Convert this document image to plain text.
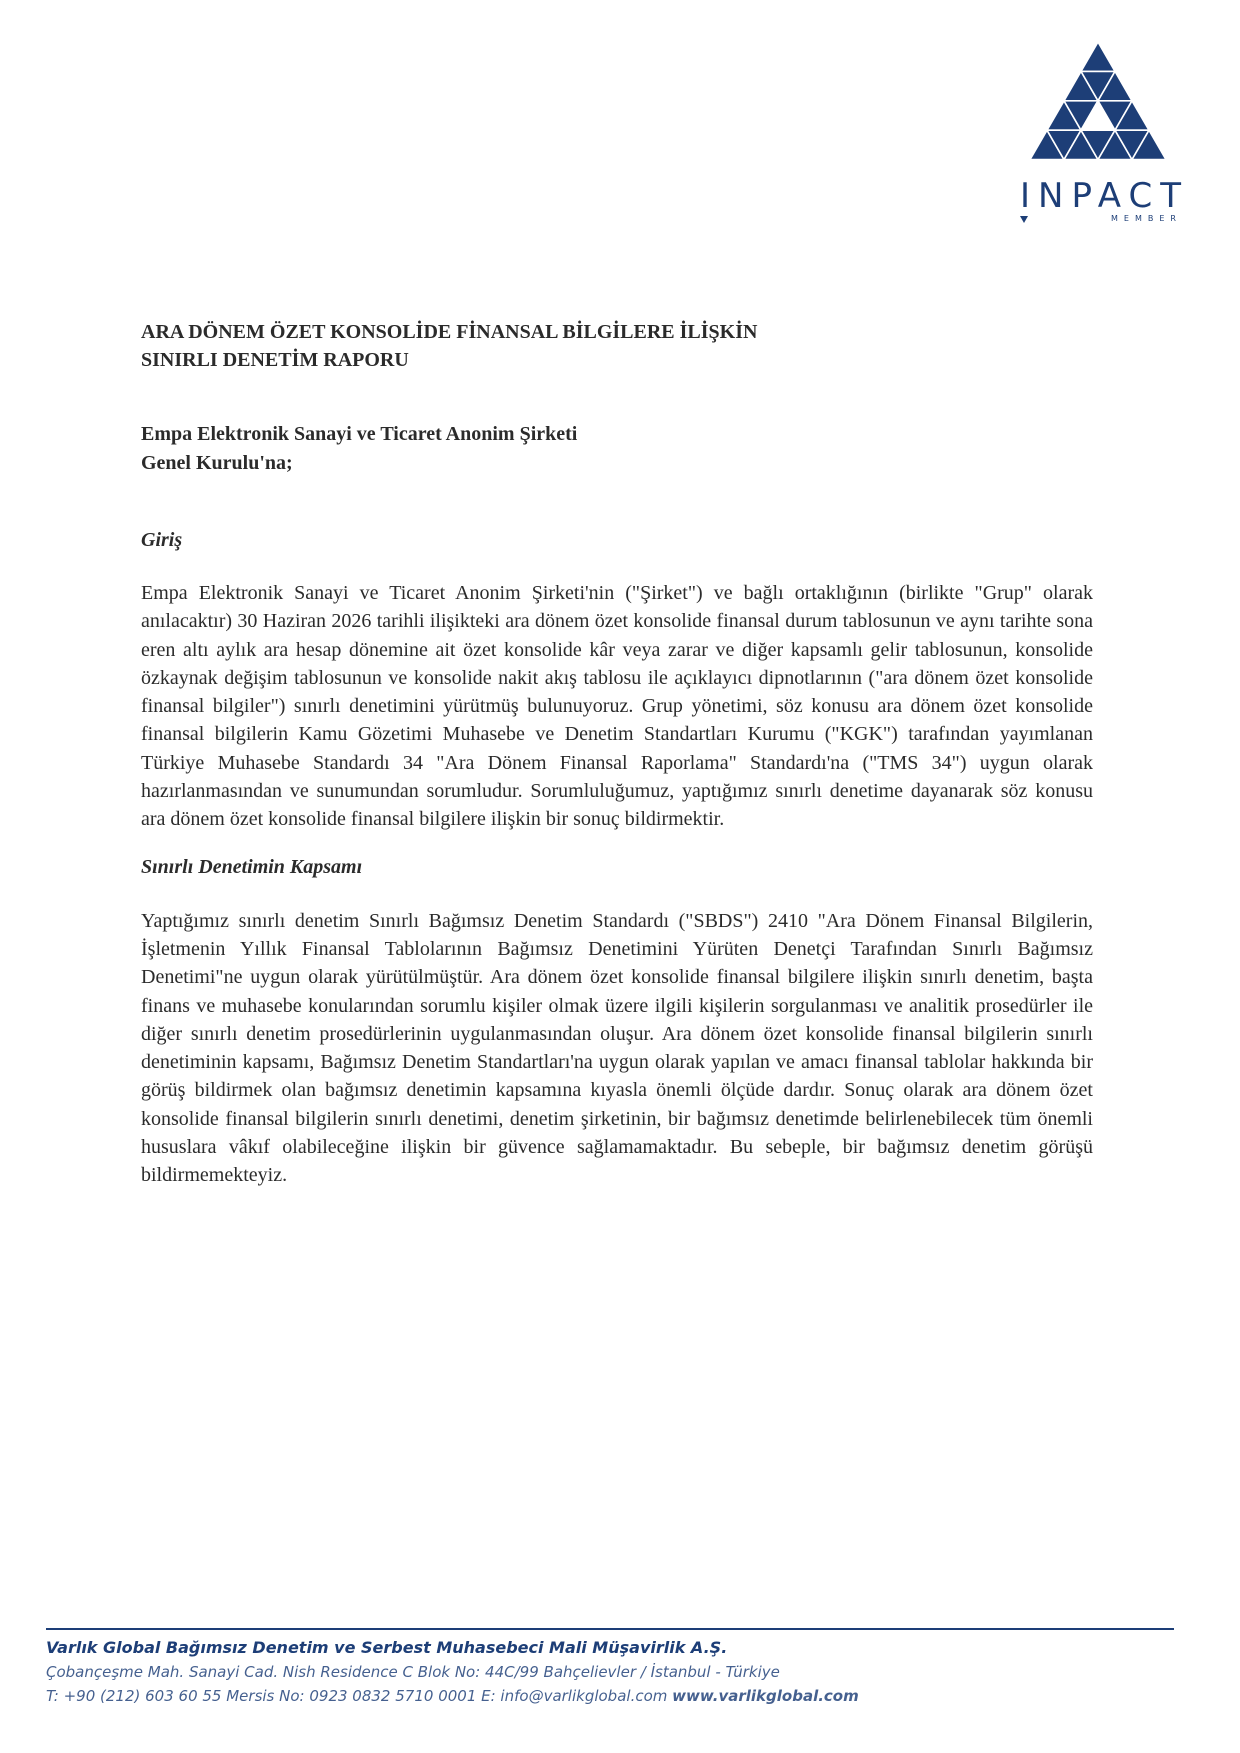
INPACT
MEMBER
ARA DÖNEM ÖZET KONSOLİDE FİNANSAL BİLGİLERE İLİŞKİN
SINIRLI DENETİM RAPORU
Empa Elektronik Sanayi ve Ticaret Anonim Şirketi
Genel Kurulu'na;
Giriş

Empa Elektronik Sanayi ve Ticaret Anonim Şirketi'nin ("Şirket") ve bağlı ortaklığının (birlikte "Grup" olarak anılacaktır) 30 Haziran 2026 tarihli ilişikteki ara dönem özet konsolide finansal durum tablosunun ve aynı tarihte sona eren altı aylık ara hesap dönemine ait özet konsolide kâr veya zarar ve diğer kapsamlı gelir tablosunun, konsolide özkaynak değişim tablosunun ve konsolide nakit akış tablosu ile açıklayıcı dipnotlarının ("ara dönem özet konsolide finansal bilgiler") sınırlı denetimini yürütmüş bulunuyoruz. Grup yönetimi, söz konusu ara dönem özet konsolide finansal bilgilerin Kamu Gözetimi Muhasebe ve Denetim Standartları Kurumu ("KGK") tarafından yayımlanan Türkiye Muhasebe Standardı 34 "Ara Dönem Finansal Raporlama" Standardı'na ("TMS 34") uygun olarak hazırlanmasından ve sunumundan sorumludur. Sorumluluğumuz, yaptığımız sınırlı denetime dayanarak söz konusu ara dönem özet konsolide finansal bilgilere ilişkin bir sonuç bildirmektir.

Sınırlı Denetimin Kapsamı

Yaptığımız sınırlı denetim Sınırlı Bağımsız Denetim Standardı ("SBDS") 2410 "Ara Dönem Finansal Bilgilerin, İşletmenin Yıllık Finansal Tablolarının Bağımsız Denetimini Yürüten Denetçi Tarafından Sınırlı Bağımsız Denetimi"ne uygun olarak yürütülmüştür. Ara dönem özet konsolide finansal bilgilere ilişkin sınırlı denetim, başta finans ve muhasebe konularından sorumlu kişiler olmak üzere ilgili kişilerin sorgulanması ve analitik prosedürler ile diğer sınırlı denetim prosedürlerinin uygulanmasından oluşur. Ara dönem özet konsolide finansal bilgilerin sınırlı denetiminin kapsamı, Bağımsız Denetim Standartları'na uygun olarak yapılan ve amacı finansal tablolar hakkında bir görüş bildirmek olan bağımsız denetimin kapsamına kıyasla önemli ölçüde dardır. Sonuç olarak ara dönem özet konsolide finansal bilgilerin sınırlı denetimi, denetim şirketinin, bir bağımsız denetimde belirlenebilecek tüm önemli hususlara vâkıf olabileceğine ilişkin bir güvence sağlamamaktadır. Bu sebeple, bir bağımsız denetim görüşü bildirmemekteyiz.

Varlık Global Bağımsız Denetim ve Serbest Muhasebeci Mali Müşavirlik A.Ş.

Çobançeşme Mah. Sanayi Cad. Nish Residence C Blok No: 44C/99 Bahçelievler / İstanbul - Türkiye

T: +90 (212) 603 60 55 Mersis No: 0923 0832 5710 0001 E: info@varlikglobal.com www.varlikglobal.com
